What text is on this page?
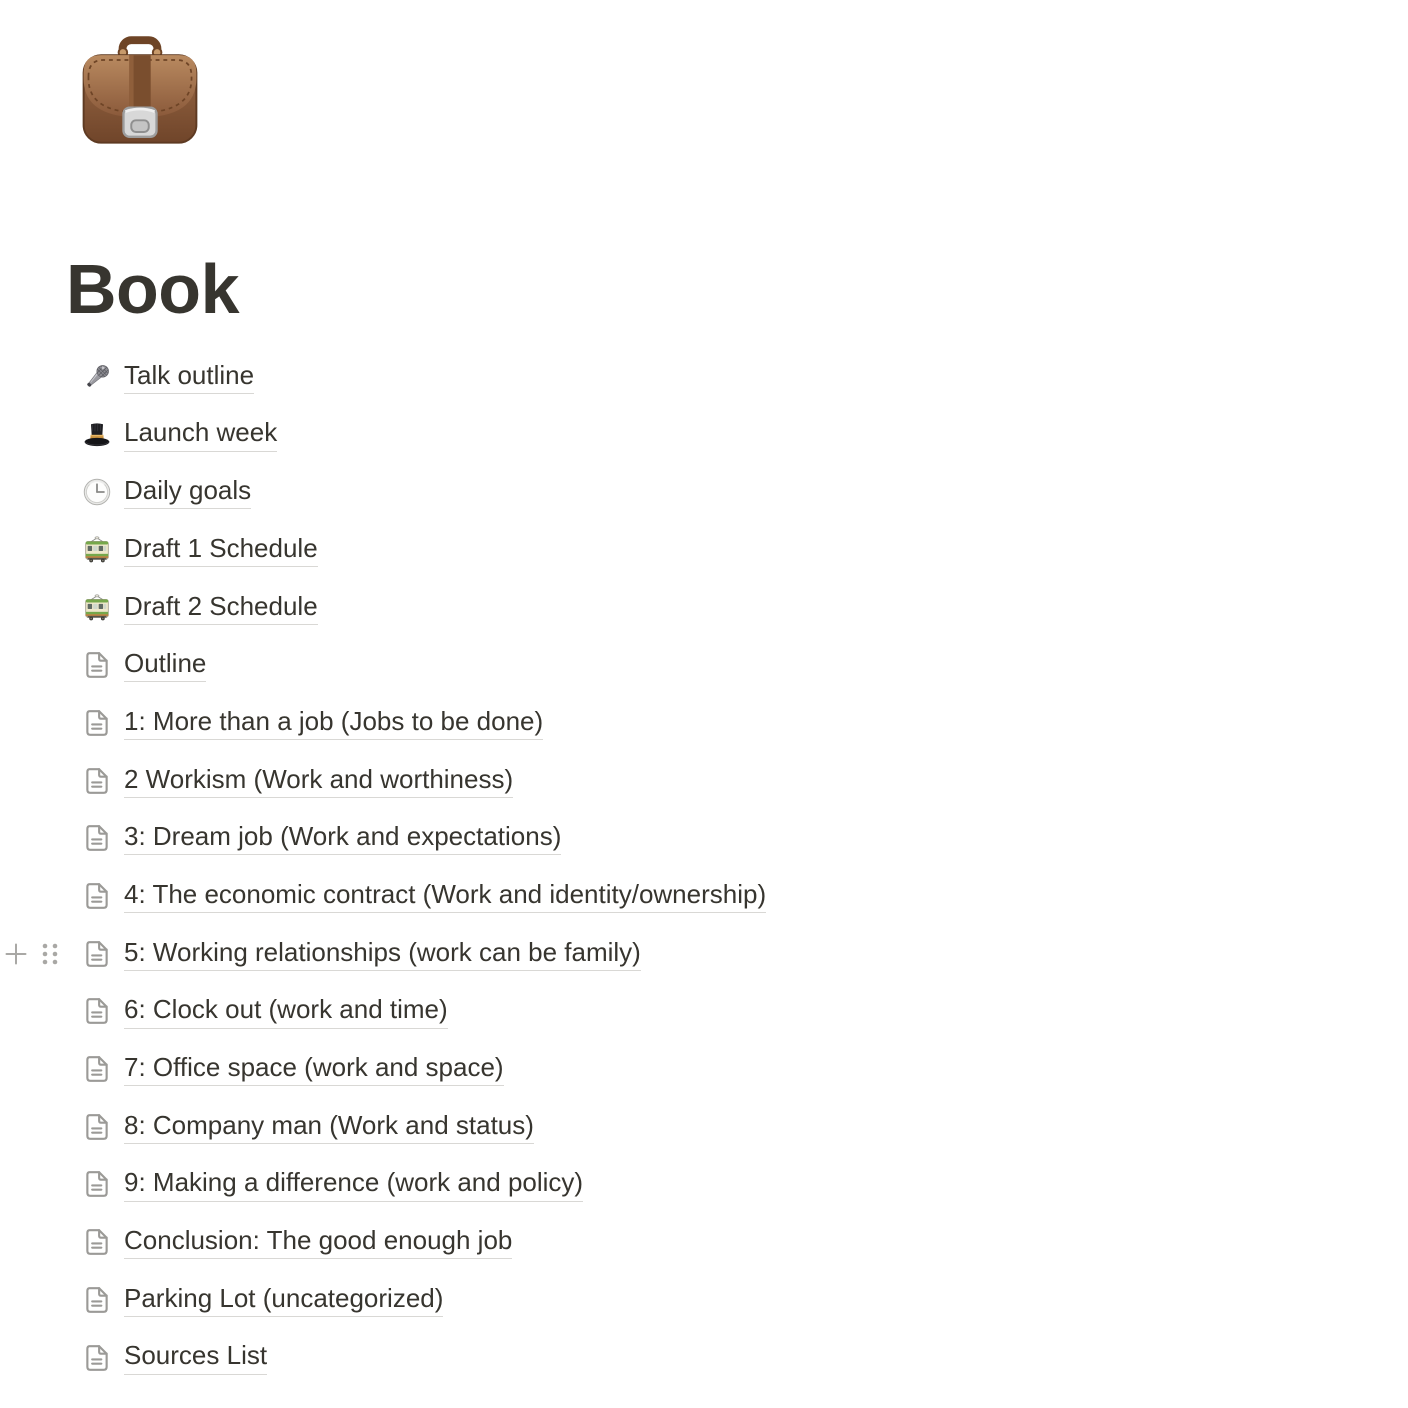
Book
Talk outline
Launch week
Daily goals
Draft 1 Schedule
Draft 2 Schedule
Outline
1: More than a job (Jobs to be done)
2 Workism (Work and worthiness)
3: Dream job (Work and expectations)
4: The economic contract (Work and identity/ownership)
5: Working relationships (work can be family)
6: Clock out (work and time)
7: Office space (work and space)
8: Company man (Work and status)
9: Making a difference (work and policy)
Conclusion: The good enough job
Parking Lot (uncategorized)
Sources List
